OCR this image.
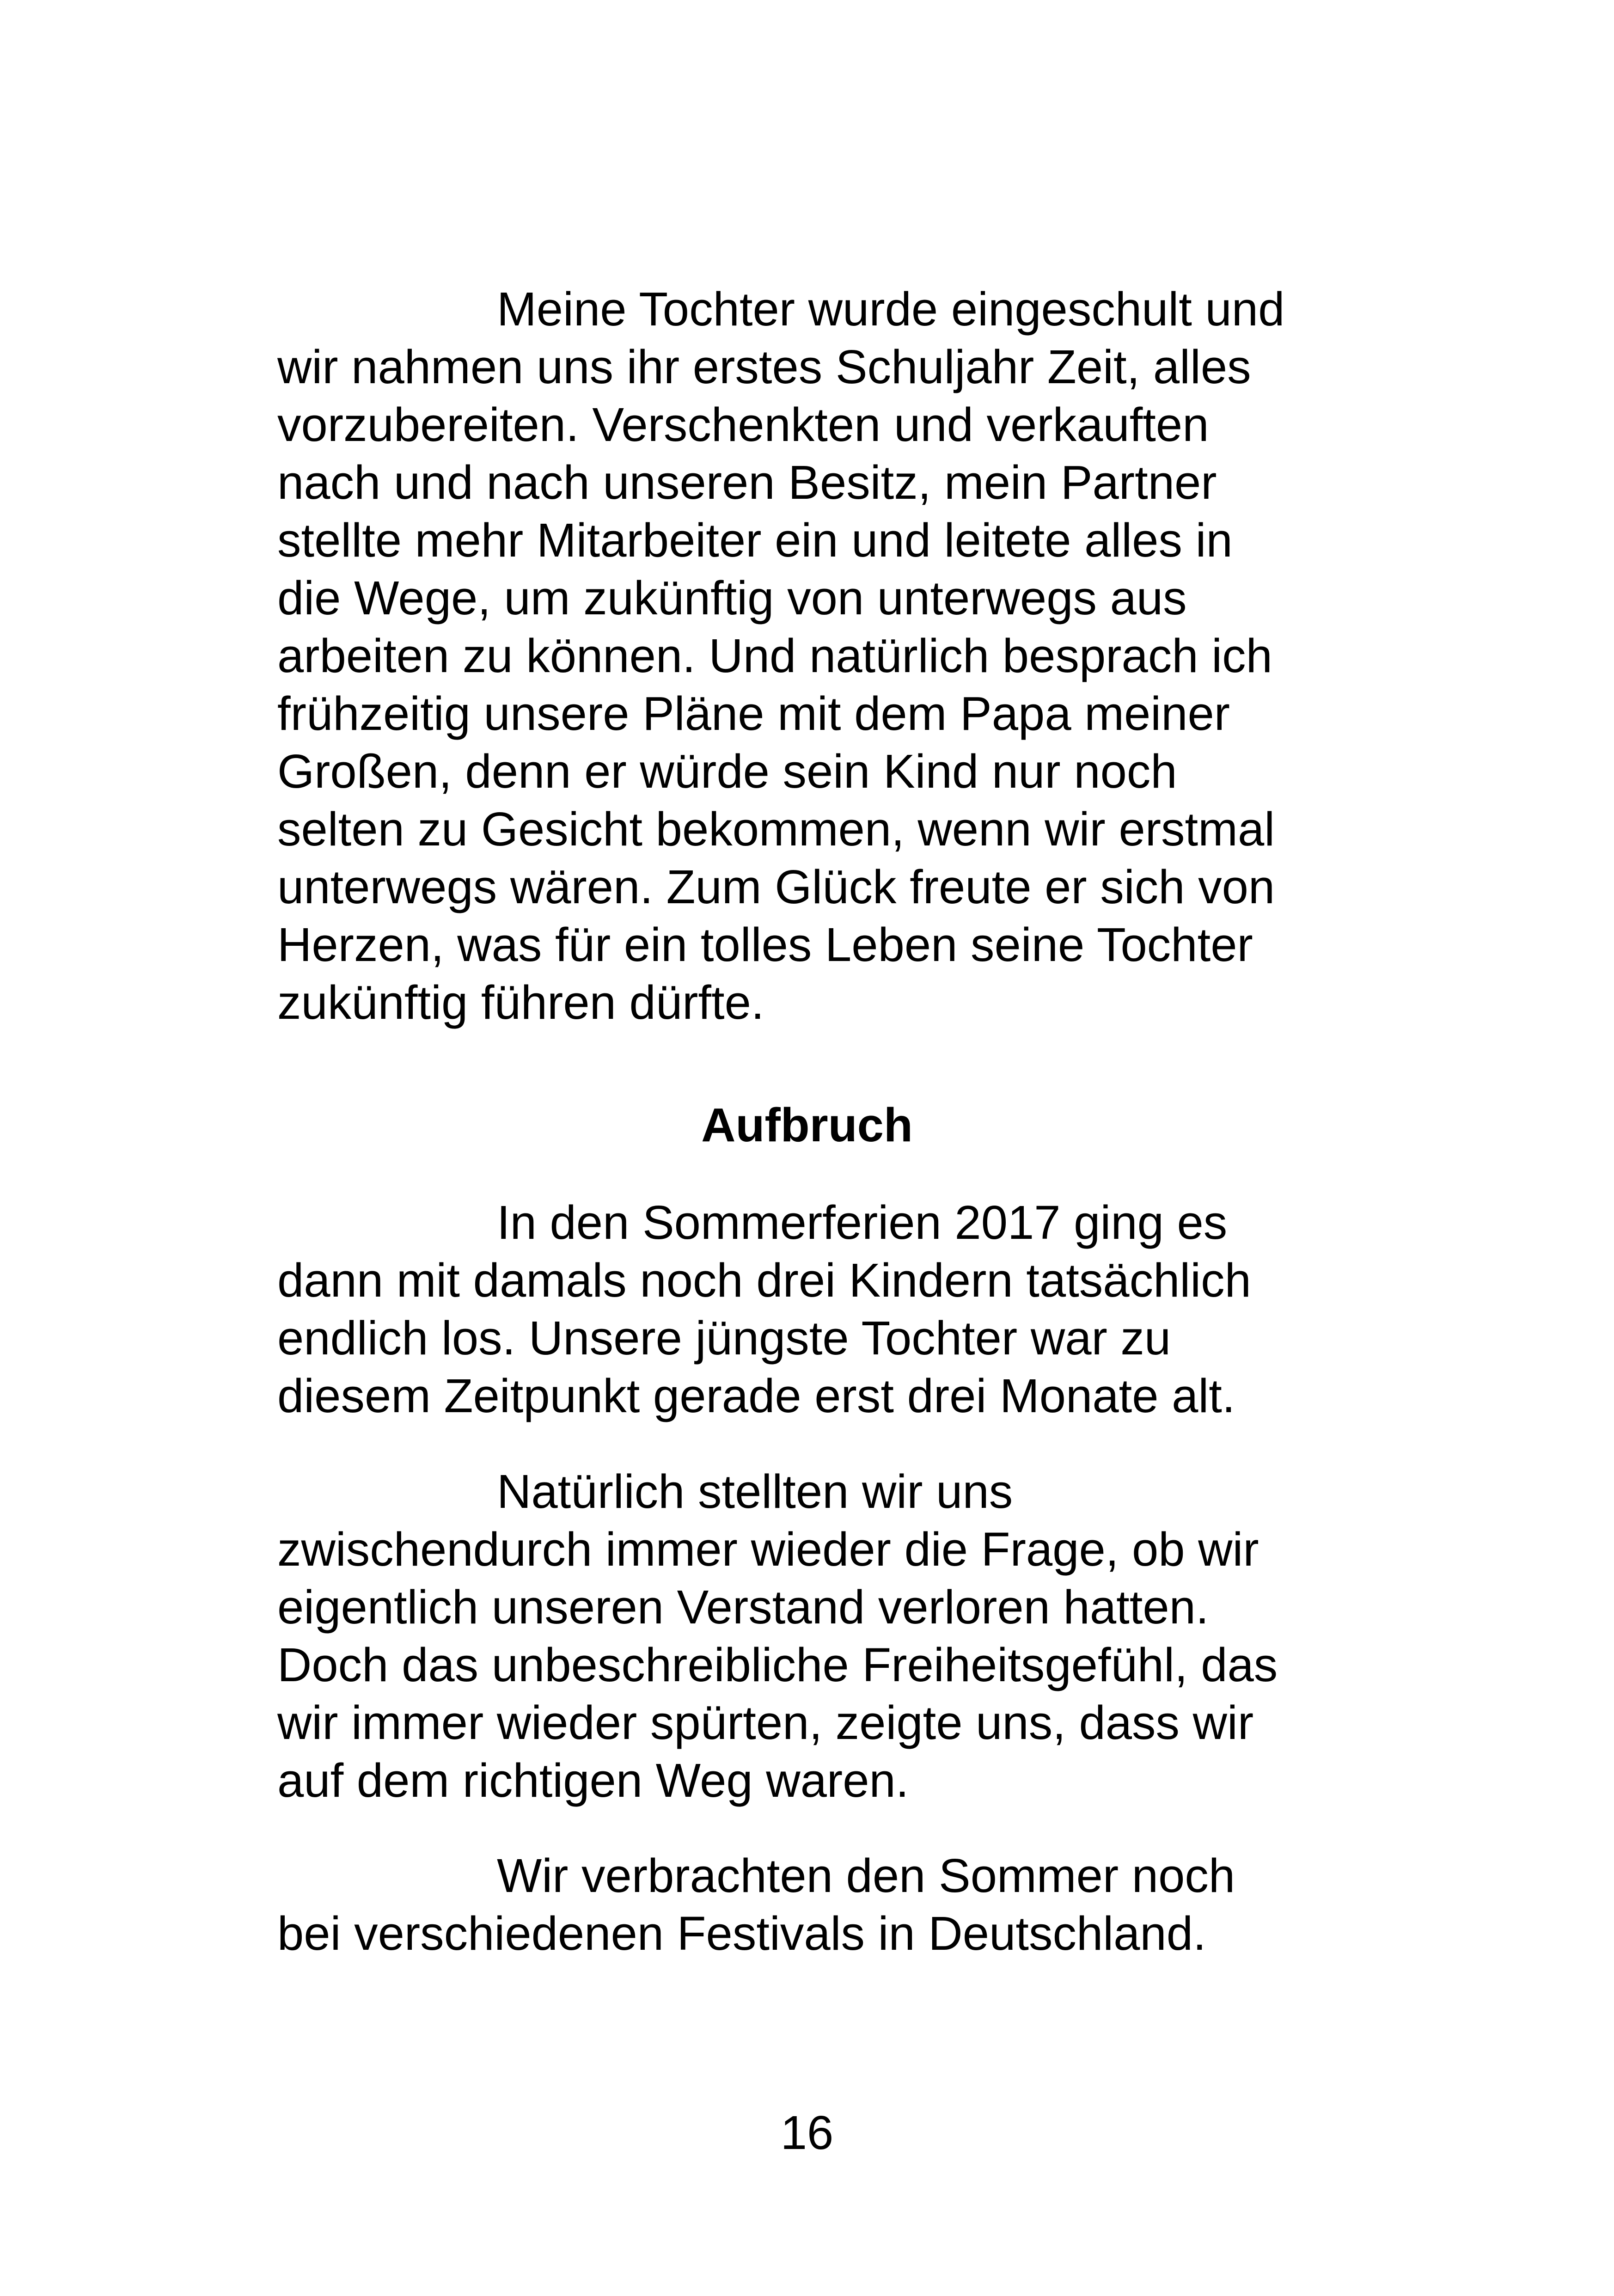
Meine Tochter wurde eingeschult und

wir nahmen uns ihr erstes Schuljahr Zeit, alles

vorzubereiten. Verschenkten und verkauften

nach und nach unseren Besitz, mein Partner

stellte mehr Mitarbeiter ein und leitete alles in

die Wege, um zukünftig von unterwegs aus

arbeiten zu können. Und natürlich besprach ich

frühzeitig unsere Pläne mit dem Papa meiner

Großen, denn er würde sein Kind nur noch

selten zu Gesicht bekommen, wenn wir erstmal

unterwegs wären. Zum Glück freute er sich von

Herzen, was für ein tolles Leben seine Tochter

zukünftig führen dürfte.

Aufbruch

In den Sommerferien 2017 ging es

dann mit damals noch drei Kindern tatsächlich

endlich los. Unsere jüngste Tochter war zu

diesem Zeitpunkt gerade erst drei Monate alt.

Natürlich stellten wir uns

zwischendurch immer wieder die Frage, ob wir

eigentlich unseren Verstand verloren hatten.

Doch das unbeschreibliche Freiheitsgefühl, das

wir immer wieder spürten, zeigte uns, dass wir

auf dem richtigen Weg waren.

Wir verbrachten den Sommer noch

bei verschiedenen Festivals in Deutschland.

16
